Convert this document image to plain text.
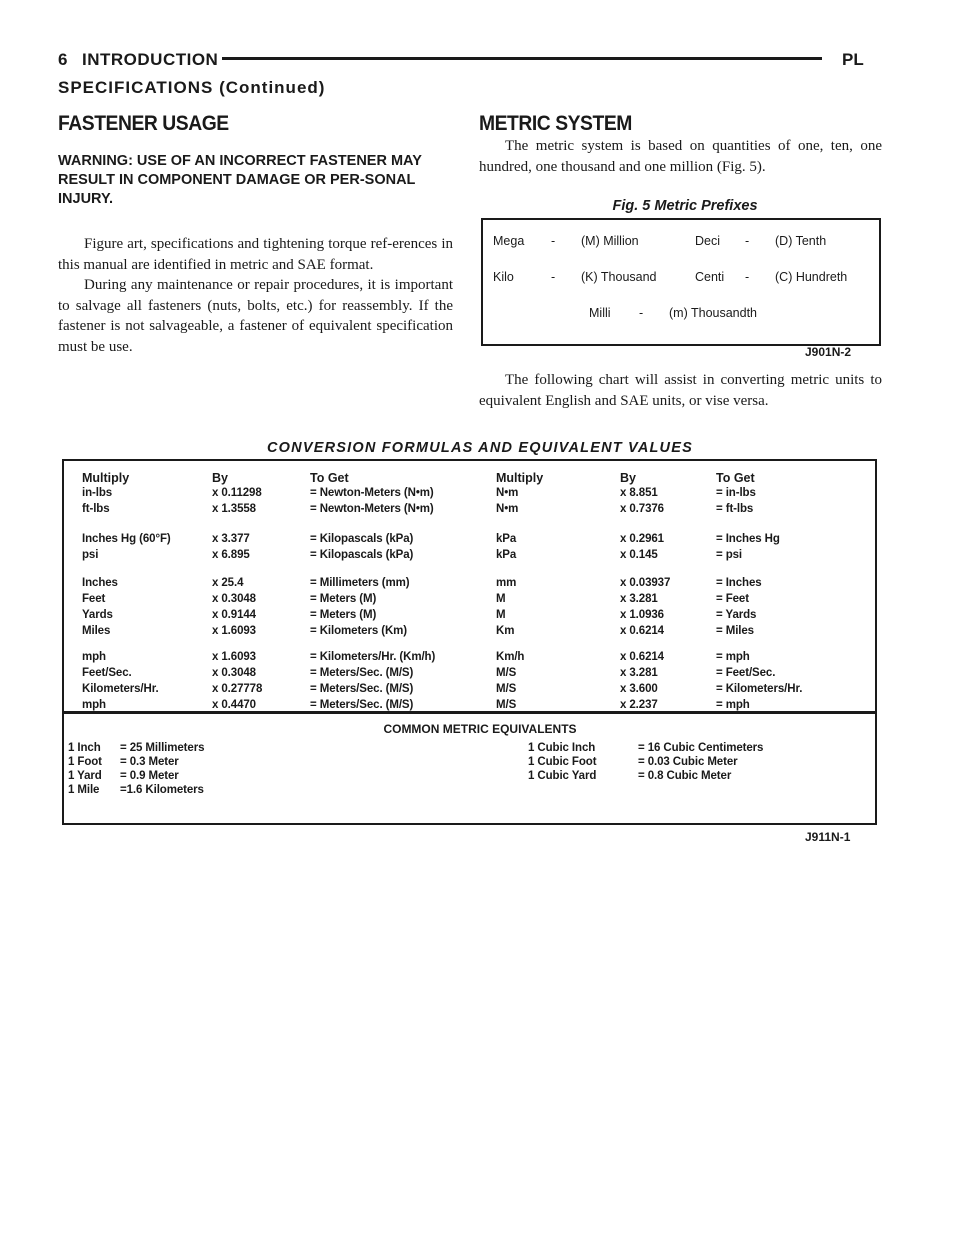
6 INTRODUCTION	PL
SPECIFICATIONS (Continued)
FASTENER USAGE
WARNING: USE OF AN INCORRECT FASTENER MAY RESULT IN COMPONENT DAMAGE OR PER-SONAL INJURY.

Figure art, specifications and tightening torque ref-erences in this manual are identified in metric and SAE format.

During any maintenance or repair procedures, it is important to salvage all fasteners (nuts, bolts, etc.) for reassembly. If the fastener is not salvageable, a fastener of equivalent specification must be use.

METRIC SYSTEM

The metric system is based on quantities of one, ten, one hundred, one thousand and one million (Fig. 5).

Fig. 5 Metric Prefixes
Mega - (M) Million
Kilo	- (K) Thousand
Deci - (D) Tenth
Centi - (C) Hundreth
Milli - (m) Thousandth
J901N-2

The following chart will assist in converting metric units to equivalent English and SAE units, or vise versa.

CONVERSION FORMULAS AND EQUIVALENT VALUES
Multiply	By	To Get	Multiply	By	To Get
in-lbs	x 0.11298	= Newton-Meters (N•m)	N•m	x 8.851	= in-lbs
ft-lbs	x 1.3558	= Newton-Meters (N•m)	N•m	x 0.7376	= ft-lbs
Inches Hg (60°F)	x 3.377	= Kilopascals (kPa)	kPa	x 0.2961	= Inches Hg
psi	x 6.895	= Kilopascals (kPa)	kPa	x 0.145	= psi
Inches	x 25.4	= Millimeters (mm)	mm	x 0.03937	= Inches
Feet	x 0.3048	= Meters (M)	M	x 3.281	= Feet
Yards	x 0.9144	= Meters (M)	M	x 1.0936	= Yards
Miles	x 1.6093	= Kilometers (Km)	Km	x 0.6214	= Miles
mph	x 1.6093	= Kilometers/Hr. (Km/h)	Km/h	x 0.6214	= mph
Feet/Sec.	x 0.3048	= Meters/Sec. (M/S)	M/S	x 3.281	= Feet/Sec.
Kilometers/Hr.	x 0.27778	= Meters/Sec. (M/S)	M/S	x 3.600	= Kilometers/Hr.
mph	x 0.4470	= Meters/Sec. (M/S)	M/S	x 2.237	= mph
COMMON METRIC EQUIVALENTS
1 Inch = 25 Millimeters
1 Foot = 0.3 Meter
1 Yard = 0.9 Meter
1 Mile =1.6 Kilometers
1 Cubic Inch	= 16 Cubic Centimeters
1 Cubic Foot	= 0.03 Cubic Meter
1 Cubic Yard	= 0.8 Cubic Meter
J911N-1
